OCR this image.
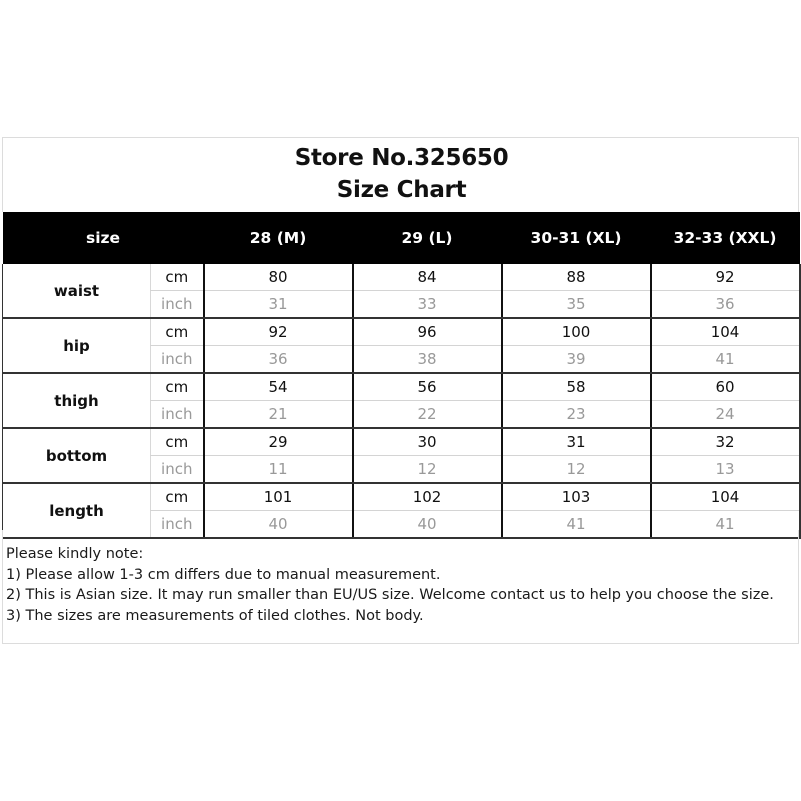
Store No.325650
Size Chart
size		28 (M)	29 (L)	30-31 (XL)	32-33 (XXL)
waist	cm	80	84	88	92
	inch	31	33	35	36
hip	cm	92	96	100	104
	inch	36	38	39	41
thigh	cm	54	56	58	60
	inch	21	22	23	24
bottom	cm	29	30	31	32
	inch	11	12	12	13
length	cm	101	102	103	104
	inch	40	40	41	41
Please kindly note:
1) Please allow 1-3 cm differs due to manual measurement.
2) This is Asian size. It may run smaller than EU/US size. Welcome contact us to help you choose the size.
3) The sizes are measurements of tiled clothes. Not body.
